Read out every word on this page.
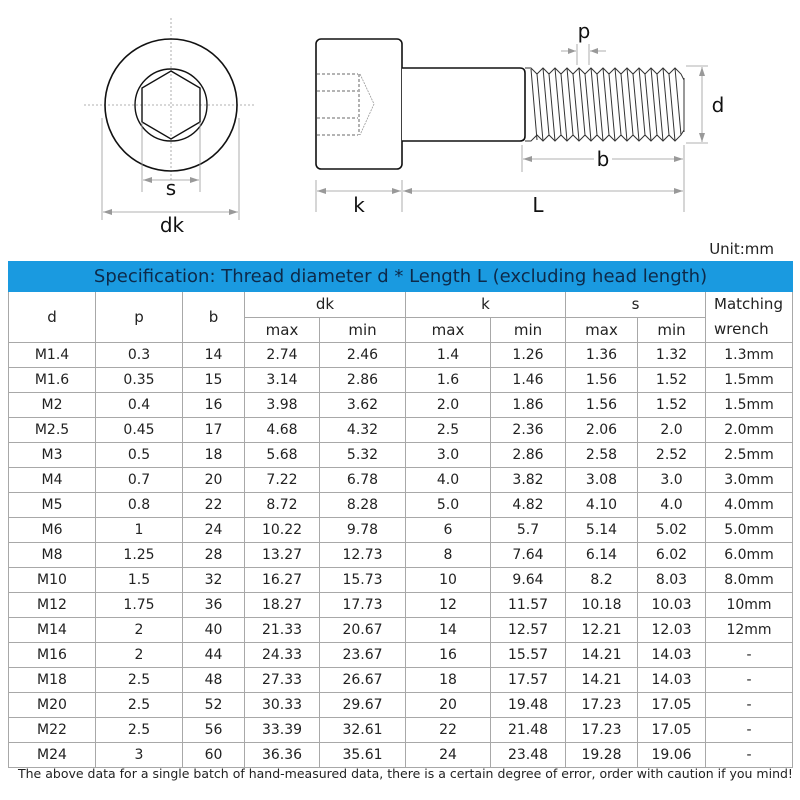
s
dk
p
d
b
k	L
Unit:mm
Specification: Thread diameter d * Length L (excluding head length)									
d	p	b	dk		k		s		Matching wrench
			max	min	max	min	max	min	
M1.4	0.3	14	2.74	2.46	1.4	1.26	1.36	1.32	1.3mm
M1.6	0.35	15	3.14	2.86	1.6	1.46	1.56	1.52	1.5mm
M2	0.4	16	3.98	3.62	2.0	1.86	1.56	1.52	1.5mm
M2.5	0.45	17	4.68	4.32	2.5	2.36	2.06	2.0	2.0mm
M3	0.5	18	5.68	5.32	3.0	2.86	2.58	2.52	2.5mm
M4	0.7	20	7.22	6.78	4.0	3.82	3.08	3.0	3.0mm
M5	0.8	22	8.72	8.28	5.0	4.82	4.10	4.0	4.0mm
M6	1	24	10.22	9.78	6	5.7	5.14	5.02	5.0mm
M8	1.25	28	13.27	12.73	8	7.64	6.14	6.02	6.0mm
M10	1.5	32	16.27	15.73	10	9.64	8.2	8.03	8.0mm
M12	1.75	36	18.27	17.73	12	11.57	10.18	10.03	10mm
M14	2	40	21.33	20.67	14	12.57	12.21	12.03	12mm
M16	2	44	24.33	23.67	16	15.57	14.21	14.03	-
M18	2.5	48	27.33	26.67	18	17.57	14.21	14.03	-
M20	2.5	52	30.33	29.67	20	19.48	17.23	17.05	-
M22	2.5	56	33.39	32.61	22	21.48	17.23	17.05	-
M24	3	60	36.36	35.61	24	23.48	19.28	19.06	-
The above data for a single batch of hand-measured data, there is a certain degree of error, order with caution if you mind!
